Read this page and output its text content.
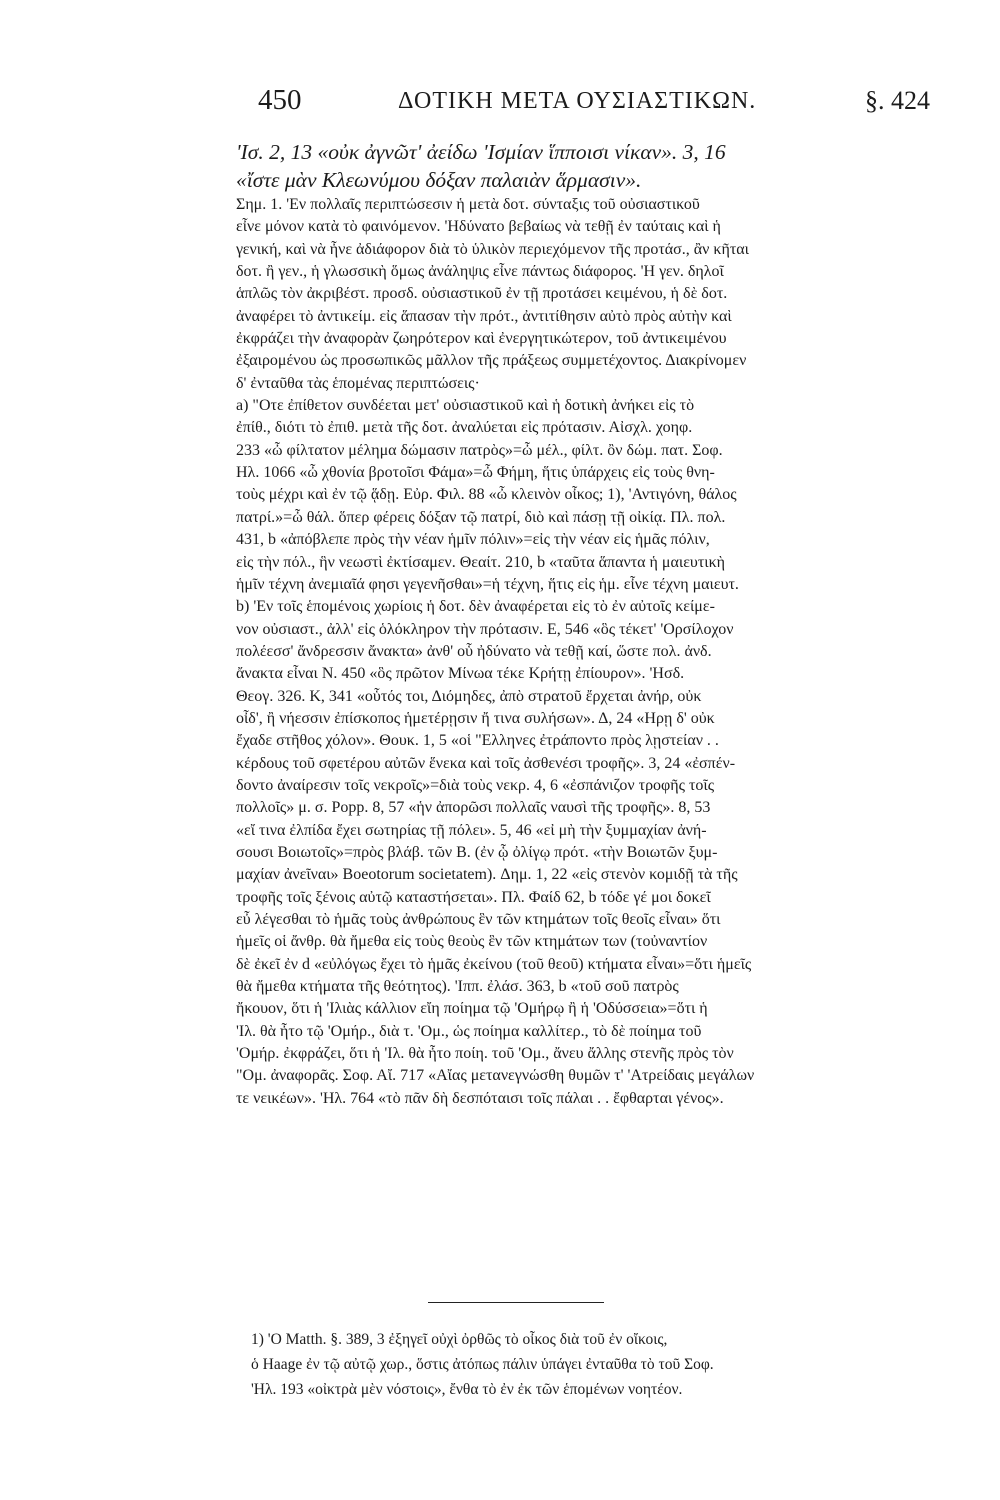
450	ΔΟΤΙΚΗ ΜΕΤΑ ΟΥΣΙΑΣΤΙΚΩΝ.	§. 424
'Ισ. 2, 13 «οὐκ ἀγνῶτ' ἀείδω 'Ισμίαν ἵπποισι νίκαν». 3, 16
«ἴστε μὰν Κλεωνύμου δόξαν παλαιὰν ἅρμασιν».
Σημ. 1. 'Εν πολλαῖς περιπτώσεσιν ἡ μετὰ δοτ. σύνταξις τοῦ οὐσιαστικοῦ
εἶνε μόνον κατὰ τὸ φαινόμενον. 'Ηδύνατο βεβαίως νὰ τεθῇ ἐν ταύταις καὶ ἡ
γενική, καὶ νὰ ἦνε ἀδιάφορον διὰ τὸ ὑλικὸν περιεχόμενον τῆς προτάσ., ἂν κῆται
δοτ. ἢ γεν., ἡ γλωσσικὴ ὅμως ἀνάληψις εἶνε πάντως διάφορος. 'Η γεν. δηλοῖ
ἁπλῶς τὸν ἀκριβέστ. προσδ. οὐσιαστικοῦ ἐν τῇ προτάσει κειμένου, ἡ δὲ δοτ.
ἀναφέρει τὸ ἀντικείμ. εἰς ἅπασαν τὴν πρότ., ἀντιτίθησιν αὐτὸ πρὸς αὐτὴν καὶ
ἐκφράζει τὴν ἀναφορὰν ζωηρότερον καὶ ἐνεργητικώτερον, τοῦ ἀντικειμένου
ἐξαιρομένου ὡς προσωπικῶς μᾶλλον τῆς πράξεως συμμετέχοντος. Διακρίνομεν
δ' ἐνταῦθα τὰς ἑπομένας περιπτώσεις·
a) "Οτε ἐπίθετον συνδέεται μετ' οὐσιαστικοῦ καὶ ἡ δοτικὴ ἀνήκει εἰς τὸ
ἐπίθ., διότι τὸ ἐπιθ. μετὰ τῆς δοτ. ἀναλύεται εἰς πρότασιν. Αἰσχλ. χοηφ.
233 «ὦ φίλτατον μέλημα δώμασιν πατρὸς»=ὦ μέλ., φίλτ. ὂν δώμ. πατ. Σοφ.
Ηλ. 1066 «ὦ χθονία βροτοῖσι Φάμα»=ὦ Φήμη, ἥτις ὑπάρχεις εἰς τοὺς θνη-
τοὺς μέχρι καὶ ἐν τῷ ᾅδῃ. Εὐρ. Φιλ. 88 «ὦ κλεινὸν οἶκος; 1), 'Αντιγόνη, θάλος
πατρί.»=ὦ θάλ. ὅπερ φέρεις δόξαν τῷ πατρί, διὸ καὶ πάσῃ τῇ οἰκίᾳ. Πλ. πολ.
431, b «ἀπόβλεπε πρὸς τὴν νέαν ἡμῖν πόλιν»=εἰς τὴν νέαν εἰς ἡμᾶς πόλιν,
εἰς τὴν πόλ., ἣν νεωστὶ ἐκτίσαμεν. Θεαίτ. 210, b «ταῦτα ἅπαντα ἡ μαιευτικὴ
ἡμῖν τέχνη ἀνεμιαῖά φησι γεγενῆσθαι»=ἡ τέχνη, ἥτις εἰς ἡμ. εἶνε τέχνη μαιευτ.
b) 'Εν τοῖς ἑπομένοις χωρίοις ἡ δοτ. δὲν ἀναφέρεται εἰς τὸ ἐν αὐτοῖς κείμε-
νον οὐσιαστ., ἀλλ' εἰς ὁλόκληρον τὴν πρότασιν. Ε, 546 «ὃς τέκετ' 'Ορσίλοχον
πολέεσσ' ἄνδρεσσιν ἄνακτα» ἀνθ' οὗ ἠδύνατο νὰ τεθῇ καί, ὥστε πολ. ἀνδ.
ἄνακτα εἶναι Ν. 450 «ὃς πρῶτον Μίνωα τέκε Κρήτῃ ἐπίουρον». 'Ησδ.
Θεογ. 326. Κ, 341 «οὗτός τοι, Διόμηδες, ἀπὸ στρατοῦ ἔρχεται ἀνήρ, οὐκ
οἶδ', ἢ νήεσσιν ἐπίσκοπος ἡμετέρῃσιν ἤ τινα συλήσων». Δ, 24 «Ηρῃ δ' οὐκ
ἔχαδε στῆθος χόλον». Θουκ. 1, 5 «οἱ "Ελληνες ἐτράποντο πρὸς λῃστείαν . .
κέρδους τοῦ σφετέρου αὐτῶν ἕνεκα καὶ τοῖς ἀσθενέσι τροφῆς». 3, 24 «ἐσπέν-
δοντο ἀναίρεσιν τοῖς νεκροῖς»=διὰ τοὺς νεκρ. 4, 6 «ἐσπάνιζον τροφῆς τοῖς
πολλοῖς» μ. σ. Popp. 8, 57 «ἡν ἀπορῶσι πολλαῖς ναυσὶ τῆς τροφῆς». 8, 53
«εἴ τινα ἐλπίδα ἔχει σωτηρίας τῇ πόλει». 5, 46 «εἰ μὴ τὴν ξυμμαχίαν ἀνή-
σουσι Βοιωτοῖς»=πρὸς βλάβ. τῶν Β. (ἐν ᾧ ὀλίγῳ πρότ. «τὴν Βοιωτῶν ξυμ-
μαχίαν ἀνεῖναι» Boeotorum societatem). Δημ. 1, 22 «εἰς στενὸν κομιδῇ τὰ τῆς
τροφῆς τοῖς ξένοις αὐτῷ καταστήσεται». Πλ. Φαίδ 62, b τόδε γέ μοι δοκεῖ
εὖ λέγεσθαι τὸ ἡμᾶς τοὺς ἀνθρώπους ἓν τῶν κτημάτων τοῖς θεοῖς εἶναι» ὅτι
ἡμεῖς οἱ ἄνθρ. θὰ ἤμεθα εἰς τοὺς θεοὺς ἓν τῶν κτημάτων των (τοὐναντίον
δὲ ἐκεῖ ἐν d «εὐλόγως ἔχει τὸ ἡμᾶς ἐκείνου (τοῦ θεοῦ) κτήματα εἶναι»=ὅτι ἡμεῖς
θὰ ἤμεθα κτήματα τῆς θεότητος). 'Ιππ. ἐλάσ. 363, b «τοῦ σοῦ πατρὸς
ἤκουον, ὅτι ἡ 'Ιλιὰς κάλλιον εἴη ποίημα τῷ 'Ομήρῳ ἢ ἡ 'Οδύσσεια»=ὅτι ἡ
'Ιλ. θὰ ἦτο τῷ 'Ομήρ., διὰ τ. 'Ομ., ὡς ποίημα καλλίτερ., τὸ δὲ ποίημα τοῦ
'Ομήρ. ἐκφράζει, ὅτι ἡ 'Ιλ. θὰ ἦτο ποίη. τοῦ 'Ομ., ἄνευ ἄλλης στενῆς πρὸς τὸν
"Ομ. ἀναφορᾶς. Σοφ. Αἴ. 717 «Αἴας μετανεγνώσθη θυμῶν τ' 'Ατρείδαις μεγάλων
τε νεικέων». 'Ηλ. 764 «τὸ πᾶν δὴ δεσπόταισι τοῖς πάλαι . . ἔφθαρται γένος».
1) 'Ο Matth. §. 389, 3 ἐξηγεῖ οὐχὶ ὀρθῶς τὸ οἶκος διὰ τοῦ ἐν οἴκοις,
ὁ Haage ἐν τῷ αὐτῷ χωρ., ὅστις ἀτόπως πάλιν ὑπάγει ἐνταῦθα τὸ τοῦ Σοφ.
'Ηλ. 193 «οἰκτρὰ μὲν νόστοις», ἔνθα τὸ ἐν ἐκ τῶν ἑπομένων νοητέον.
